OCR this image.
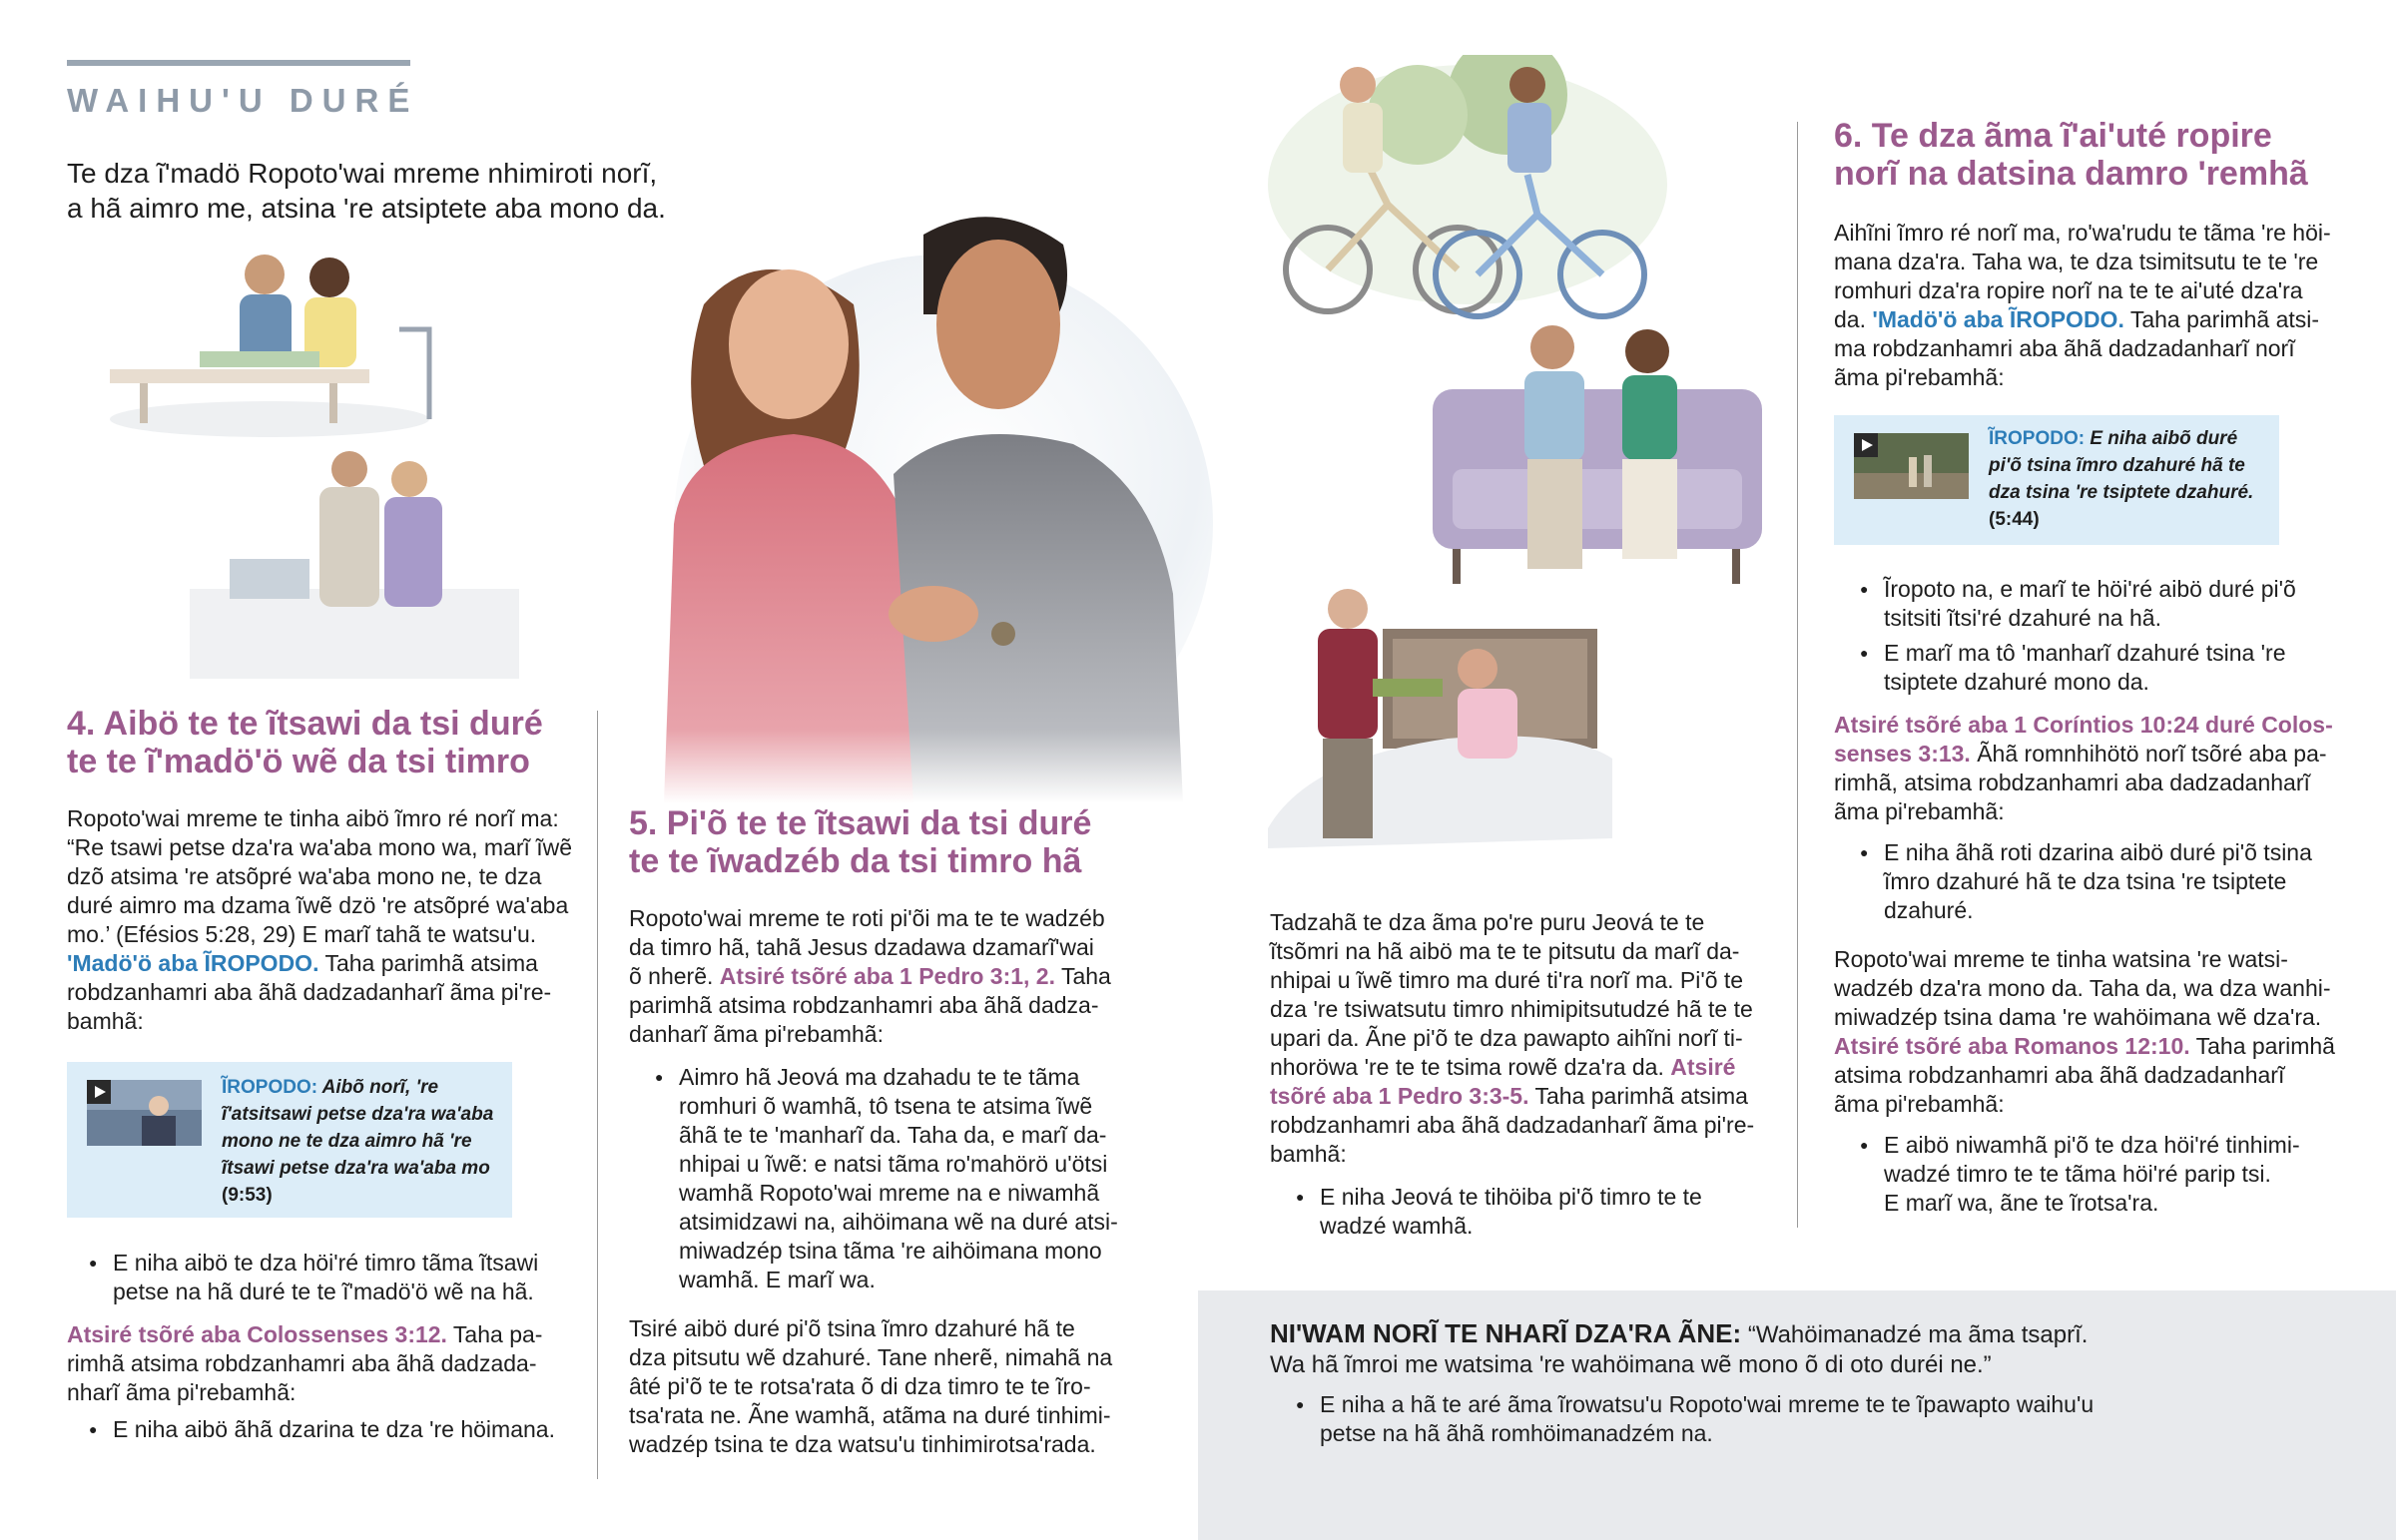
WAIHU'U DURÉ
Te dza ĩ'madö Ropoto'wai mreme nhimiroti norĩ,
a hã aimro me, atsina 're atsiptete aba mono da.
4. Aibö te te ĩtsawi da tsi duré
te te ĩ'madö'ö wẽ da tsi timro
Ropoto'wai mreme te tinha aibö ĩmro ré norĩ ma:
“Re tsawi petse dza'ra wa'aba mono wa, marĩ ĩwẽ
dzõ atsima 're atsõpré wa'aba mono ne, te dza
duré aimro ma dzama ĩwẽ dzö 're atsõpré wa'aba
mo.’ (Efésios 5:28, 29) E marĩ tahã te watsu'u.
'Madö'ö aba ĨROPODO. Taha parimhã atsima
robdzanhamri aba ãhã dadzadanharĩ ãma pi're-
bamhã:
ĨROPODO: Aibõ norĩ, 're
ĩ'atsitsawi petse dza'ra wa'aba
mono ne te dza aimro hã 're
ĩtsawi petse dza'ra wa'aba mo
(9:53)
● E niha aibö te dza höi'ré timro tãma ĩtsawi
petse na hã duré te te ĩ'madö'ö wẽ na hã.
Atsiré tsõré aba Colossenses 3:12. Taha pa-
rimhã atsima robdzanhamri aba ãhã dadzada-
nharĩ ãma pi'rebamhã:
● E niha aibö ãhã dzarina te dza 're höimana.
5. Pi'õ te te ĩtsawi da tsi duré
te te ĩwadzéb da tsi timro hã
Ropoto'wai mreme te roti pi'õi ma te te wadzéb
da timro hã, tahã Jesus dzadawa dzamarĩ'wai
õ nherẽ. Atsiré tsõré aba 1 Pedro 3:1, 2. Taha
parimhã atsima robdzanhamri aba ãhã dadza-
danharĩ ãma pi'rebamhã:
● Aimro hã Jeová ma dzahadu te te tãma
romhuri õ wamhã, tô tsena te atsima ĩwẽ
ãhã te te 'manharĩ da. Taha da, e marĩ da-
nhipai u ĩwẽ: e natsi tãma ro'mahörö u'ötsi
wamhã Ropoto'wai mreme na e niwamhã
atsimidzawi na, aihöimana wẽ na duré atsi-
miwadzép tsina tãma 're aihöimana mono
wamhã. E marĩ wa.
Tsiré aibö duré pi'õ tsina ĩmro dzahuré hã te
dza pitsutu wẽ dzahuré. Tane nherẽ, nimahã na
âté pi'õ te te rotsa'rata õ di dza timro te te ĩro-
tsa'rata ne. Ãne wamhã, atãma na duré tinhimi-
wadzép tsina te dza watsu'u tinhimirotsa'rada.
Tadzahã te dza ãma po're puru Jeová te te
ĩtsõmri na hã aibö ma te te pitsutu da marĩ da-
nhipai u ĩwẽ timro ma duré ti'ra norĩ ma. Pi'õ te
dza 're tsiwatsutu timro nhimipitsutudzé hã te te
upari da. Ãne pi'õ te dza pawapto aihĩni norĩ ti-
nhoröwa 're te te tsima rowẽ dza'ra da. Atsiré
tsõré aba 1 Pedro 3:3-5. Taha parimhã atsima
robdzanhamri aba ãhã dadzadanharĩ ãma pi're-
bamhã:
● E niha Jeová te tihöiba pi'õ timro te te
wadzé wamhã.
6. Te dza ãma ĩ'ai'uté ropire
norĩ na datsina damro 'remhã
Aihĩni ĩmro ré norĩ ma, ro'wa'rudu te tãma 're höi-
mana dza'ra. Taha wa, te dza tsimitsutu te te 're
romhuri dza'ra ropire norĩ na te te ai'uté dza'ra
da. 'Madö'ö aba ĨROPODO. Taha parimhã atsi-
ma robdzanhamri aba ãhã dadzadanharĩ norĩ
ãma pi'rebamhã:
ĨROPODO: E niha aibõ duré
pi'õ tsina ĩmro dzahuré hã te
dza tsina 're tsiptete dzahuré.
(5:44)
● Ĩropoto na, e marĩ te höi'ré aibö duré pi'õ
tsitsiti ĩtsi'ré dzahuré na hã.
● E marĩ ma tô 'manharĩ dzahuré tsina 're
tsiptete dzahuré mono da.
Atsiré tsõré aba 1 Coríntios 10:24 duré Colos-
senses 3:13. Ãhã romnhihötö norĩ tsõré aba pa-
rimhã, atsima robdzanhamri aba dadzadanharĩ
ãma pi'rebamhã:
● E niha ãhã roti dzarina aibö duré pi'õ tsina
ĩmro dzahuré hã te dza tsina 're tsiptete
dzahuré.
Ropoto'wai mreme te tinha watsina 're watsi-
wadzéb dza'ra mono da. Taha da, wa dza wanhi-
miwadzép tsina dama 're wahöimana wẽ dza'ra.
Atsiré tsõré aba Romanos 12:10. Taha parimhã
atsima robdzanhamri aba ãhã dadzadanharĩ
ãma pi'rebamhã:
● E aibö niwamhã pi'õ te dza höi'ré tinhimi-
wadzé timro te te tãma höi'ré parip tsi.
E marĩ wa, ãne te ĩrotsa'ra.
NI'WAM NORĨ TE NHARĨ DZA'RA ÃNE: “Wahöimanadzé ma ãma tsaprĩ.
Wa hã ĩmroi me watsima 're wahöimana wẽ mono õ di oto duréi ne.”
● E niha a hã te aré ãma ĩrowatsu'u Ropoto'wai mreme te te ĩpawapto waihu'u
petse na hã ãhã romhöimanadzém na.
